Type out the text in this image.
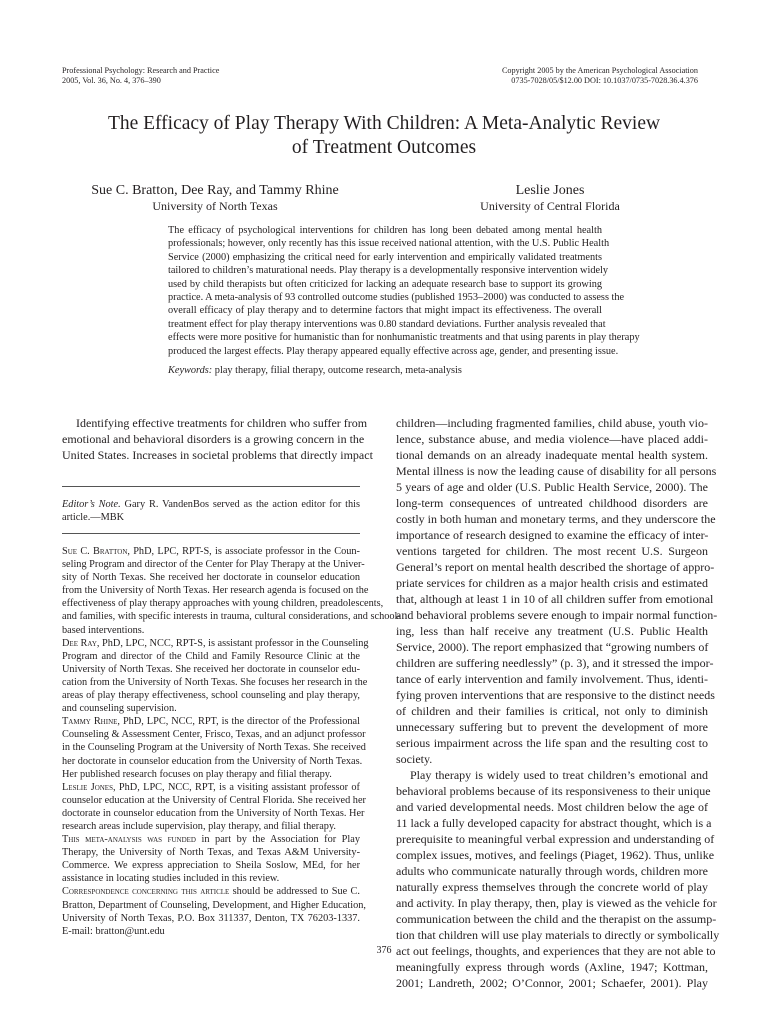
Professional Psychology: Research and Practice
2005, Vol. 36, No. 4, 376–390
Copyright 2005 by the American Psychological Association
0735-7028/05/$12.00 DOI: 10.1037/0735-7028.36.4.376
The Efficacy of Play Therapy With Children: A Meta-Analytic Review
of Treatment Outcomes
Sue C. Bratton, Dee Ray, and Tammy Rhine
University of North Texas
Leslie Jones
University of Central Florida
The efficacy of psychological interventions for children has long been debated among mental health
professionals; however, only recently has this issue received national attention, with the U.S. Public Health
Service (2000) emphasizing the critical need for early intervention and empirically validated treatments
tailored to children’s maturational needs. Play therapy is a developmentally responsive intervention widely
used by child therapists but often criticized for lacking an adequate research base to support its growing
practice. A meta-analysis of 93 controlled outcome studies (published 1953–2000) was conducted to assess the
overall efficacy of play therapy and to determine factors that might impact its effectiveness. The overall
treatment effect for play therapy interventions was 0.80 standard deviations. Further analysis revealed that
effects were more positive for humanistic than for nonhumanistic treatments and that using parents in play therapy
produced the largest effects. Play therapy appeared equally effective across age, gender, and presenting issue.
Keywords: play therapy, filial therapy, outcome research, meta-analysis
Identifying effective treatments for children who suffer from
emotional and behavioral disorders is a growing concern in the
United States. Increases in societal problems that directly impact
Editor’s Note. Gary R. VandenBos served as the action editor for this
article.—MBK
Sue C. Bratton, PhD, LPC, RPT-S, is associate professor in the Coun-
seling Program and director of the Center for Play Therapy at the Univer-
sity of North Texas. She received her doctorate in counselor education
from the University of North Texas. Her research agenda is focused on the
effectiveness of play therapy approaches with young children, preadolescents,
and families, with specific interests in trauma, cultural considerations, and school-
based interventions.
Dee Ray, PhD, LPC, NCC, RPT-S, is assistant professor in the Counseling
Program and director of the Child and Family Resource Clinic at the
University of North Texas. She received her doctorate in counselor edu-
cation from the University of North Texas. She focuses her research in the
areas of play therapy effectiveness, school counseling and play therapy,
and counseling supervision.
Tammy Rhine, PhD, LPC, NCC, RPT, is the director of the Professional
Counseling & Assessment Center, Frisco, Texas, and an adjunct professor
in the Counseling Program at the University of North Texas. She received
her doctorate in counselor education from the University of North Texas.
Her published research focuses on play therapy and filial therapy.
Leslie Jones, PhD, LPC, NCC, RPT, is a visiting assistant professor of
counselor education at the University of Central Florida. She received her
doctorate in counselor education from the University of North Texas. Her
research areas include supervision, play therapy, and filial therapy.
This meta-analysis was funded in part by the Association for Play
Therapy, the University of North Texas, and Texas A&M University-
Commerce. We express appreciation to Sheila Soslow, MEd, for her
assistance in locating studies included in this review.
Correspondence concerning this article should be addressed to Sue C.
Bratton, Department of Counseling, Development, and Higher Education,
University of North Texas, P.O. Box 311337, Denton, TX 76203-1337.
E-mail: bratton@unt.edu
children—including fragmented families, child abuse, youth vio-
lence, substance abuse, and media violence—have placed addi-
tional demands on an already inadequate mental health system.
Mental illness is now the leading cause of disability for all persons
5 years of age and older (U.S. Public Health Service, 2000). The
long-term consequences of untreated childhood disorders are
costly in both human and monetary terms, and they underscore the
importance of research designed to examine the efficacy of inter-
ventions targeted for children. The most recent U.S. Surgeon
General’s report on mental health described the shortage of appro-
priate services for children as a major health crisis and estimated
that, although at least 1 in 10 of all children suffer from emotional
and behavioral problems severe enough to impair normal function-
ing, less than half receive any treatment (U.S. Public Health
Service, 2000). The report emphasized that “growing numbers of
children are suffering needlessly” (p. 3), and it stressed the impor-
tance of early intervention and family involvement. Thus, identi-
fying proven interventions that are responsive to the distinct needs
of children and their families is critical, not only to diminish
unnecessary suffering but to prevent the development of more
serious impairment across the life span and the resulting cost to
society.
Play therapy is widely used to treat children’s emotional and
behavioral problems because of its responsiveness to their unique
and varied developmental needs. Most children below the age of
11 lack a fully developed capacity for abstract thought, which is a
prerequisite to meaningful verbal expression and understanding of
complex issues, motives, and feelings (Piaget, 1962). Thus, unlike
adults who communicate naturally through words, children more
naturally express themselves through the concrete world of play
and activity. In play therapy, then, play is viewed as the vehicle for
communication between the child and the therapist on the assump-
tion that children will use play materials to directly or symbolically
act out feelings, thoughts, and experiences that they are not able to
meaningfully express through words (Axline, 1947; Kottman,
2001; Landreth, 2002; O’Connor, 2001; Schaefer, 2001). Play
376
